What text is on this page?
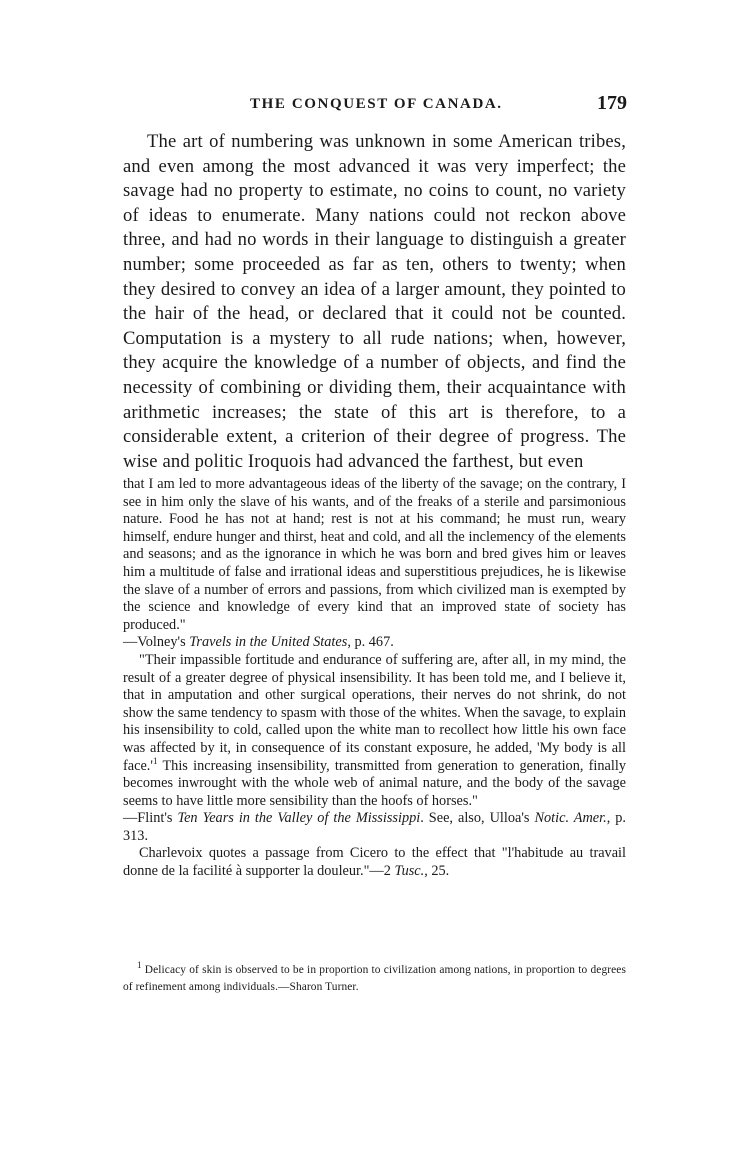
THE CONQUEST OF CANADA.	179

The art of numbering was unknown in some American tribes, and even among the most advanced it was very imperfect; the savage had no property to estimate, no coins to count, no variety of ideas to enumerate. Many nations could not reckon above three, and had no words in their language to distinguish a greater number; some proceeded as far as ten, others to twenty; when they desired to convey an idea of a larger amount, they pointed to the hair of the head, or declared that it could not be counted. Computation is a mystery to all rude nations; when, however, they acquire the knowledge of a number of objects, and find the necessity of combining or dividing them, their acquaintance with arithmetic increases; the state of this art is therefore, to a considerable extent, a criterion of their degree of progress. The wise and politic Iroquois had advanced the farthest, but even

that I am led to more advantageous ideas of the liberty of the savage; on the contrary, I see in him only the slave of his wants, and of the freaks of a sterile and parsimonious nature. Food he has not at hand; rest is not at his command; he must run, weary himself, endure hunger and thirst, heat and cold, and all the inclemency of the elements and seasons; and as the ignorance in which he was born and bred gives him or leaves him a multitude of false and irrational ideas and superstitious prejudices, he is likewise the slave of a number of errors and passions, from which civilized man is exempted by the science and knowledge of every kind that an improved state of society has produced."
—Volney's Travels in the United States, p. 467.

"Their impassible fortitude and endurance of suffering are, after all, in my mind, the result of a greater degree of physical insensibility. It has been told me, and I believe it, that in amputation and other surgical operations, their nerves do not shrink, do not show the same tendency to spasm with those of the whites. When the savage, to explain his insensibility to cold, called upon the white man to recollect how little his own face was affected by it, in consequence of its constant exposure, he added, 'My body is all $face.'^1$ This increasing insensibility, transmitted from generation to generation, finally becomes inwrought with the whole web of animal nature, and the body of the savage seems to have little more sensibility than the hoofs of horses."
—Flint's Ten Years in the Valley of the Mississippi. See, also, Ulloa's Notic. Amer., p. 313.

Charlevoix quotes a passage from Cicero to the effect that "l'habitude au travail donne de la facilité à supporter la douleur."—2 Tusc., 25.

$^1$ Delicacy of skin is observed to be in proportion to civilization among nations, in proportion to degrees of refinement among individuals.—Sharon Turner.
